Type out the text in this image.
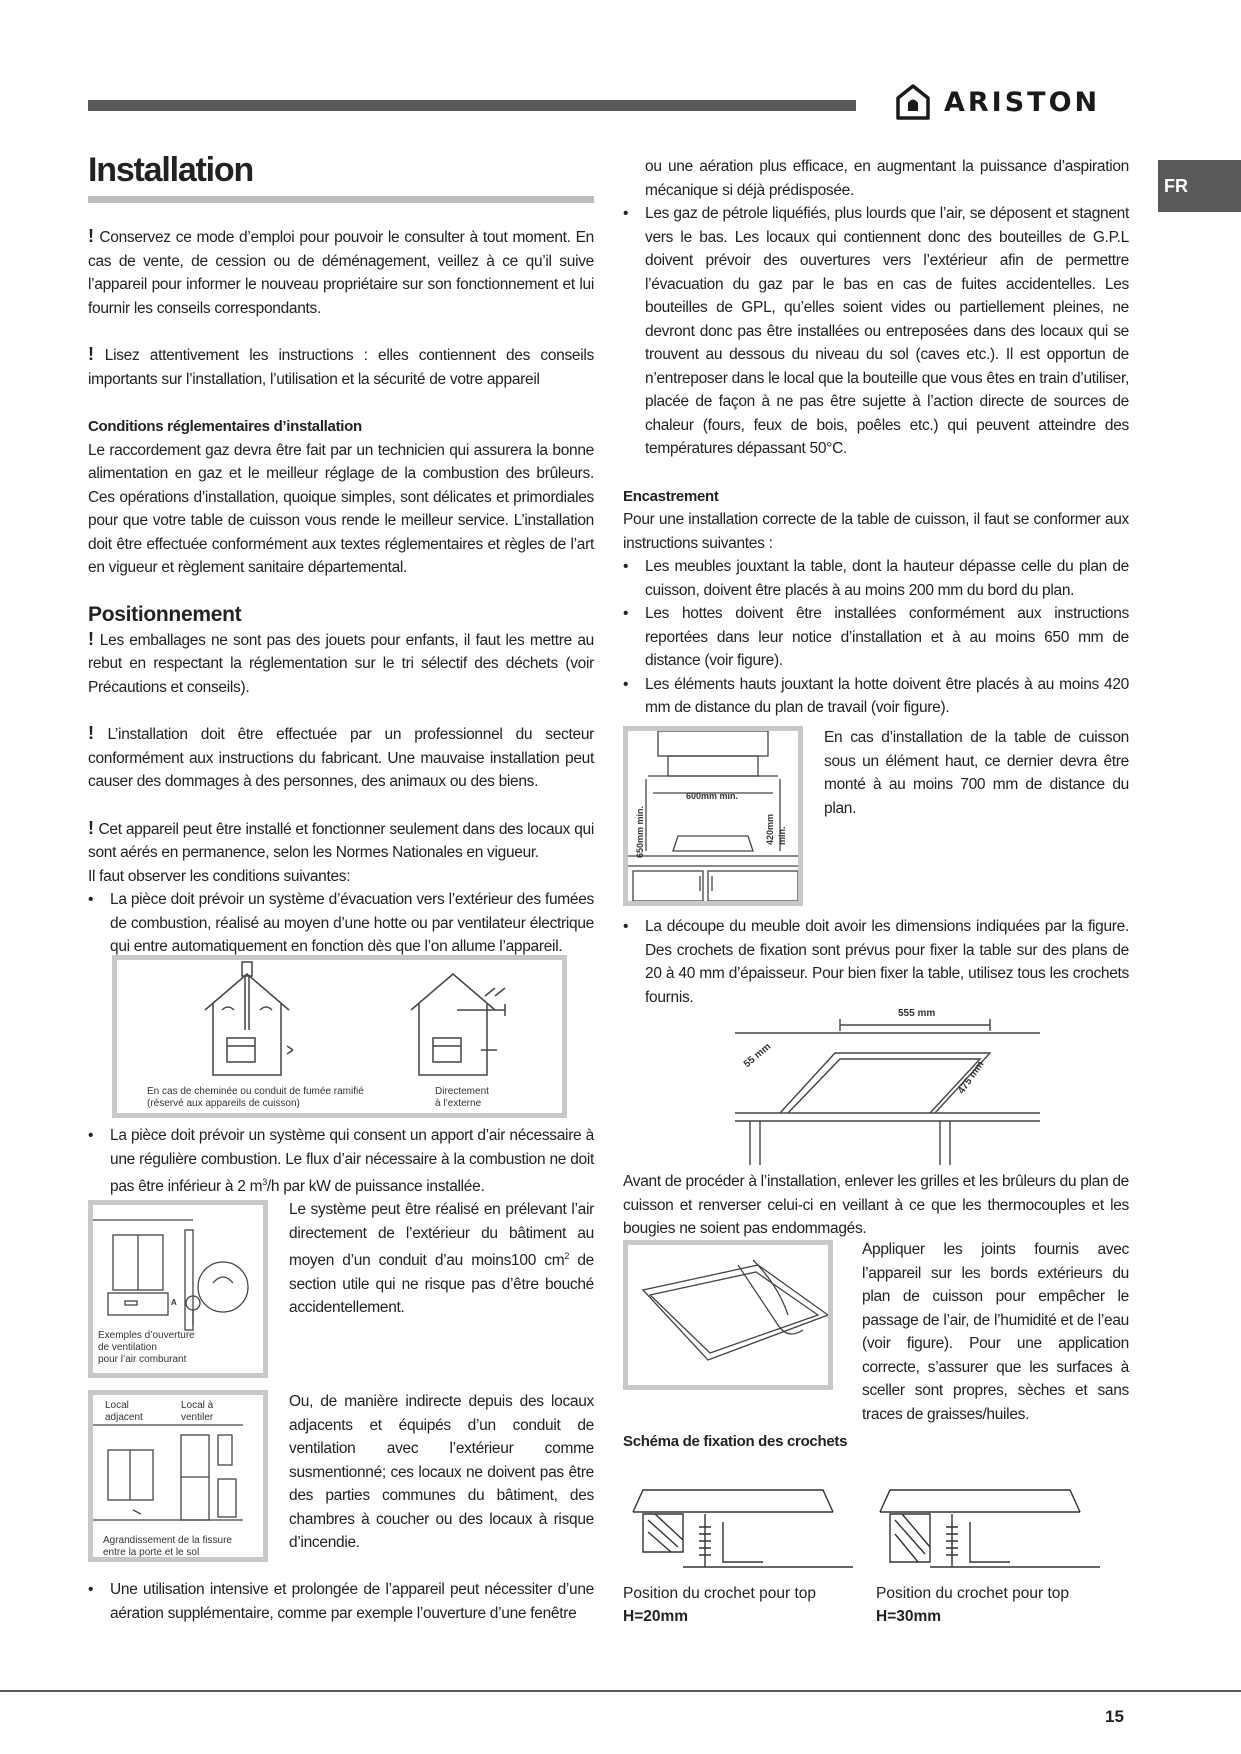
ARISTON
FR

Installation

! Conservez ce mode d’emploi pour pouvoir le consulter à tout moment. En cas de vente, de cession ou de déménagement, veillez à ce qu’il suive l’appareil pour informer le nouveau propriétaire sur son fonctionnement et lui fournir les conseils correspondants.

! Lisez attentivement les instructions : elles contiennent des conseils importants sur l’installation, l’utilisation et la sécurité de votre appareil

Conditions réglementaires d’installation

Le raccordement gaz devra être fait par un technicien qui assurera la bonne alimentation en gaz et le meilleur réglage de la combustion des brûleurs. Ces opérations d’installation, quoique simples, sont délicates et primordiales pour que votre table de cuisson vous rende le meilleur service. L’installation doit être effectuée conformément aux textes réglementaires et règles de l’art en vigueur et règlement sanitaire départemental.

Positionnement

! Les emballages ne sont pas des jouets pour enfants, il faut les mettre au rebut en respectant la réglementation sur le tri sélectif des déchets (voir Précautions et conseils).

! L’installation doit être effectuée par un professionnel du secteur conformément aux instructions du fabricant. Une mauvaise installation peut causer des dommages à des personnes, des animaux ou des biens.

! Cet appareil peut être installé et fonctionner seulement dans des locaux qui sont aérés en permanence, selon les Normes Nationales en vigueur.

Il faut observer les conditions suivantes:

• La pièce doit prévoir un système d’évacuation vers l’extérieur des fumées de combustion, réalisé au moyen d’une hotte ou par ventilateur électrique qui entre automatiquement en fonction dès que l’on allume l’appareil.
En cas de cheminée ou conduit de fumée ramifié
(réservé aux appareils de cuisson)
Directement
à l’externe
• La pièce doit prévoir un système qui consent un apport d’air nécessaire à une régulière combustion. Le flux d’air nécessaire à la combustion ne doit pas être inférieur à 2 $m^3/h$ par kW de puissance installée.
A
Exemples d’ouverture
de ventilation
pour l’air comburant

Le système peut être réalisé en prélevant l’air directement de l’extérieur du bâtiment au moyen d’un conduit d’au moins100 $cm^2$ de section utile qui ne risque pas d’être bouché accidentellement.

Local
adjacent
Local à
ventiler
Agrandissement de la fissure
entre la porte et le sol

Ou, de manière indirecte depuis des locaux adjacents et équipés d’un conduit de ventilation avec l’extérieur comme susmentionné; ces locaux ne doivent pas être des parties communes du bâtiment, des chambres à coucher ou des locaux à risque d’incendie.

• Une utilisation intensive et prolongée de l’appareil peut nécessiter d’une aération supplémentaire, comme par exemple l’ouverture d’une fenêtre

ou une aération plus efficace, en augmentant la puissance d’aspiration mécanique si déjà prédisposée.

• Les gaz de pétrole liquéfiés, plus lourds que l’air, se déposent et stagnent vers le bas. Les locaux qui contiennent donc des bouteilles de G.P.L doivent prévoir des ouvertures vers l’extérieur afin de permettre l’évacuation du gaz par le bas en cas de fuites accidentelles. Les bouteilles de GPL, qu’elles soient vides ou partiellement pleines, ne devront donc pas être installées ou entreposées dans des locaux qui se trouvent au dessous du niveau du sol (caves etc.). Il est opportun de n’entreposer dans le local que la bouteille que vous êtes en train d’utiliser, placée de façon à ne pas être sujette à l’action directe de sources de chaleur (fours, feux de bois, poêles etc.) qui peuvent atteindre des températures dépassant 50°C.

Encastrement

Pour une installation correcte de la table de cuisson, il faut se conformer aux instructions suivantes :

• Les meubles jouxtant la table, dont la hauteur dépasse celle du plan de cuisson, doivent être placés à au moins 200 mm du bord du plan.
• Les hottes doivent être installées conformément aux instructions reportées dans leur notice d’installation et à au moins 650 mm de distance (voir figure).
• Les éléments hauts jouxtant la hotte doivent être placés à au moins 420 mm de distance du plan de travail (voir figure).
600mm min.
650mm min.	420mm min.

En cas d’installation de la table de cuisson sous un élément haut, ce dernier devra être monté à au moins 700 mm de distance du plan.

• La découpe du meuble doit avoir les dimensions indiquées par la figure. Des crochets de fixation sont prévus pour fixer la table sur des plans de 20 à 40 mm d’épaisseur. Pour bien fixer la table, utilisez tous les crochets fournis.
555 mm
55 mm
475 mm

Avant de procéder à l’installation, enlever les grilles et les brûleurs du plan de cuisson et renverser celui-ci en veillant à ce que les thermocouples et les bougies ne soient pas endommagés.

Appliquer les joints fournis avec l’appareil sur les bords extérieurs du plan de cuisson pour empêcher le passage de l’air, de l’humidité et de l’eau (voir figure). Pour une application correcte, s’assurer que les surfaces à sceller sont propres, sèches et sans traces de graisses/huiles.

Schéma de fixation des crochets

Position du crochet pour top
H=20mm
Position du crochet pour top
H=30mm
15
